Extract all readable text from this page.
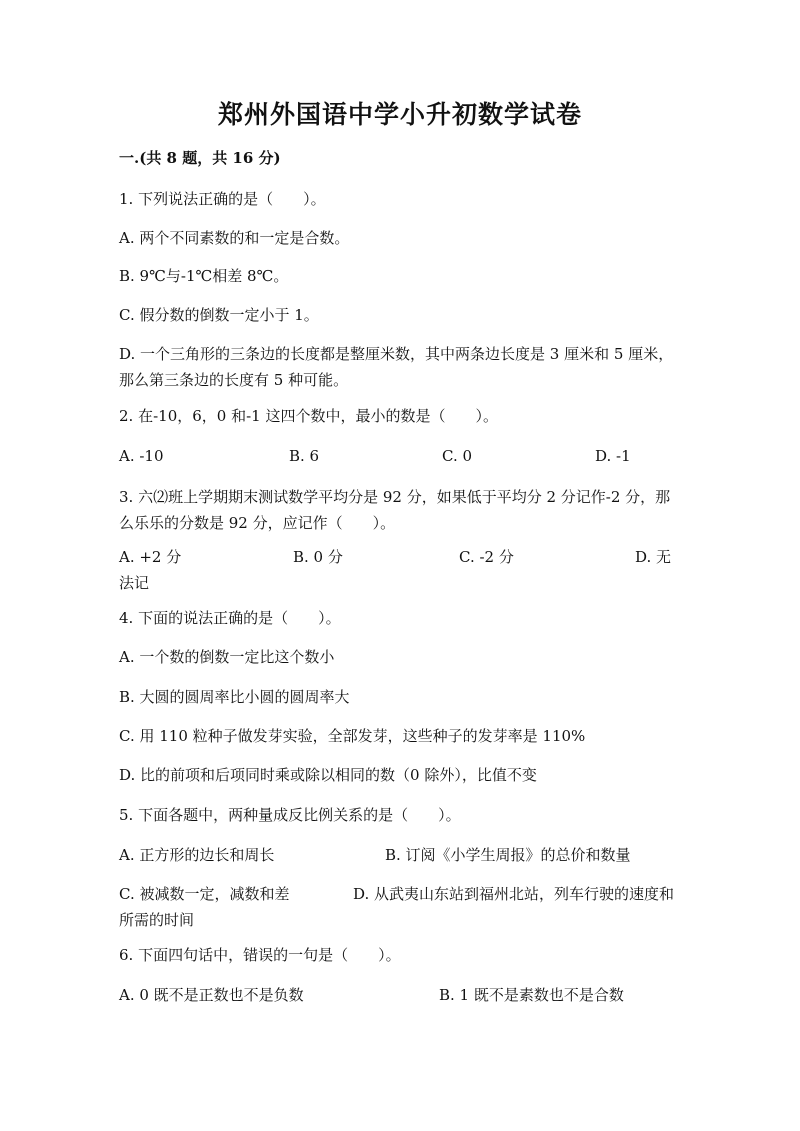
郑州外国语中学小升初数学试卷
一.(共 8 题，共 16 分)
1. 下列说法正确的是（　　）。
A. 两个不同素数的和一定是合数。
B. 9℃与-1℃相差 8℃。
C. 假分数的倒数一定小于 1。
D. 一个三角形的三条边的长度都是整厘米数，其中两条边长度是 3 厘米和 5 厘米，那么第三条边的长度有 5 种可能。
2. 在-10，6，0 和-1 这四个数中，最小的数是（　　）。
A. -10	B. 6	C. 0	D. -1
3. 六⑵班上学期期末测试数学平均分是 92 分，如果低于平均分 2 分记作-2 分，那么乐乐的分数是 92 分，应记作（　　）。
A. +2 分	B. 0 分	C. -2 分	D. 无法记
4. 下面的说法正确的是（　　）。
A. 一个数的倒数一定比这个数小
B. 大圆的圆周率比小圆的圆周率大
C. 用 110 粒种子做发芽实验，全部发芽，这些种子的发芽率是 110%
D. 比的前项和后项同时乘或除以相同的数（0 除外），比值不变
5. 下面各题中，两种量成反比例关系的是（　　）。
A. 正方形的边长和周长	B. 订阅《小学生周报》的总价和数量
C. 被减数一定，减数和差	D. 从武夷山东站到福州北站，列车行驶的速度和所需的时间
6. 下面四句话中，错误的一句是（　　）。
A. 0 既不是正数也不是负数	B. 1 既不是素数也不是合数
